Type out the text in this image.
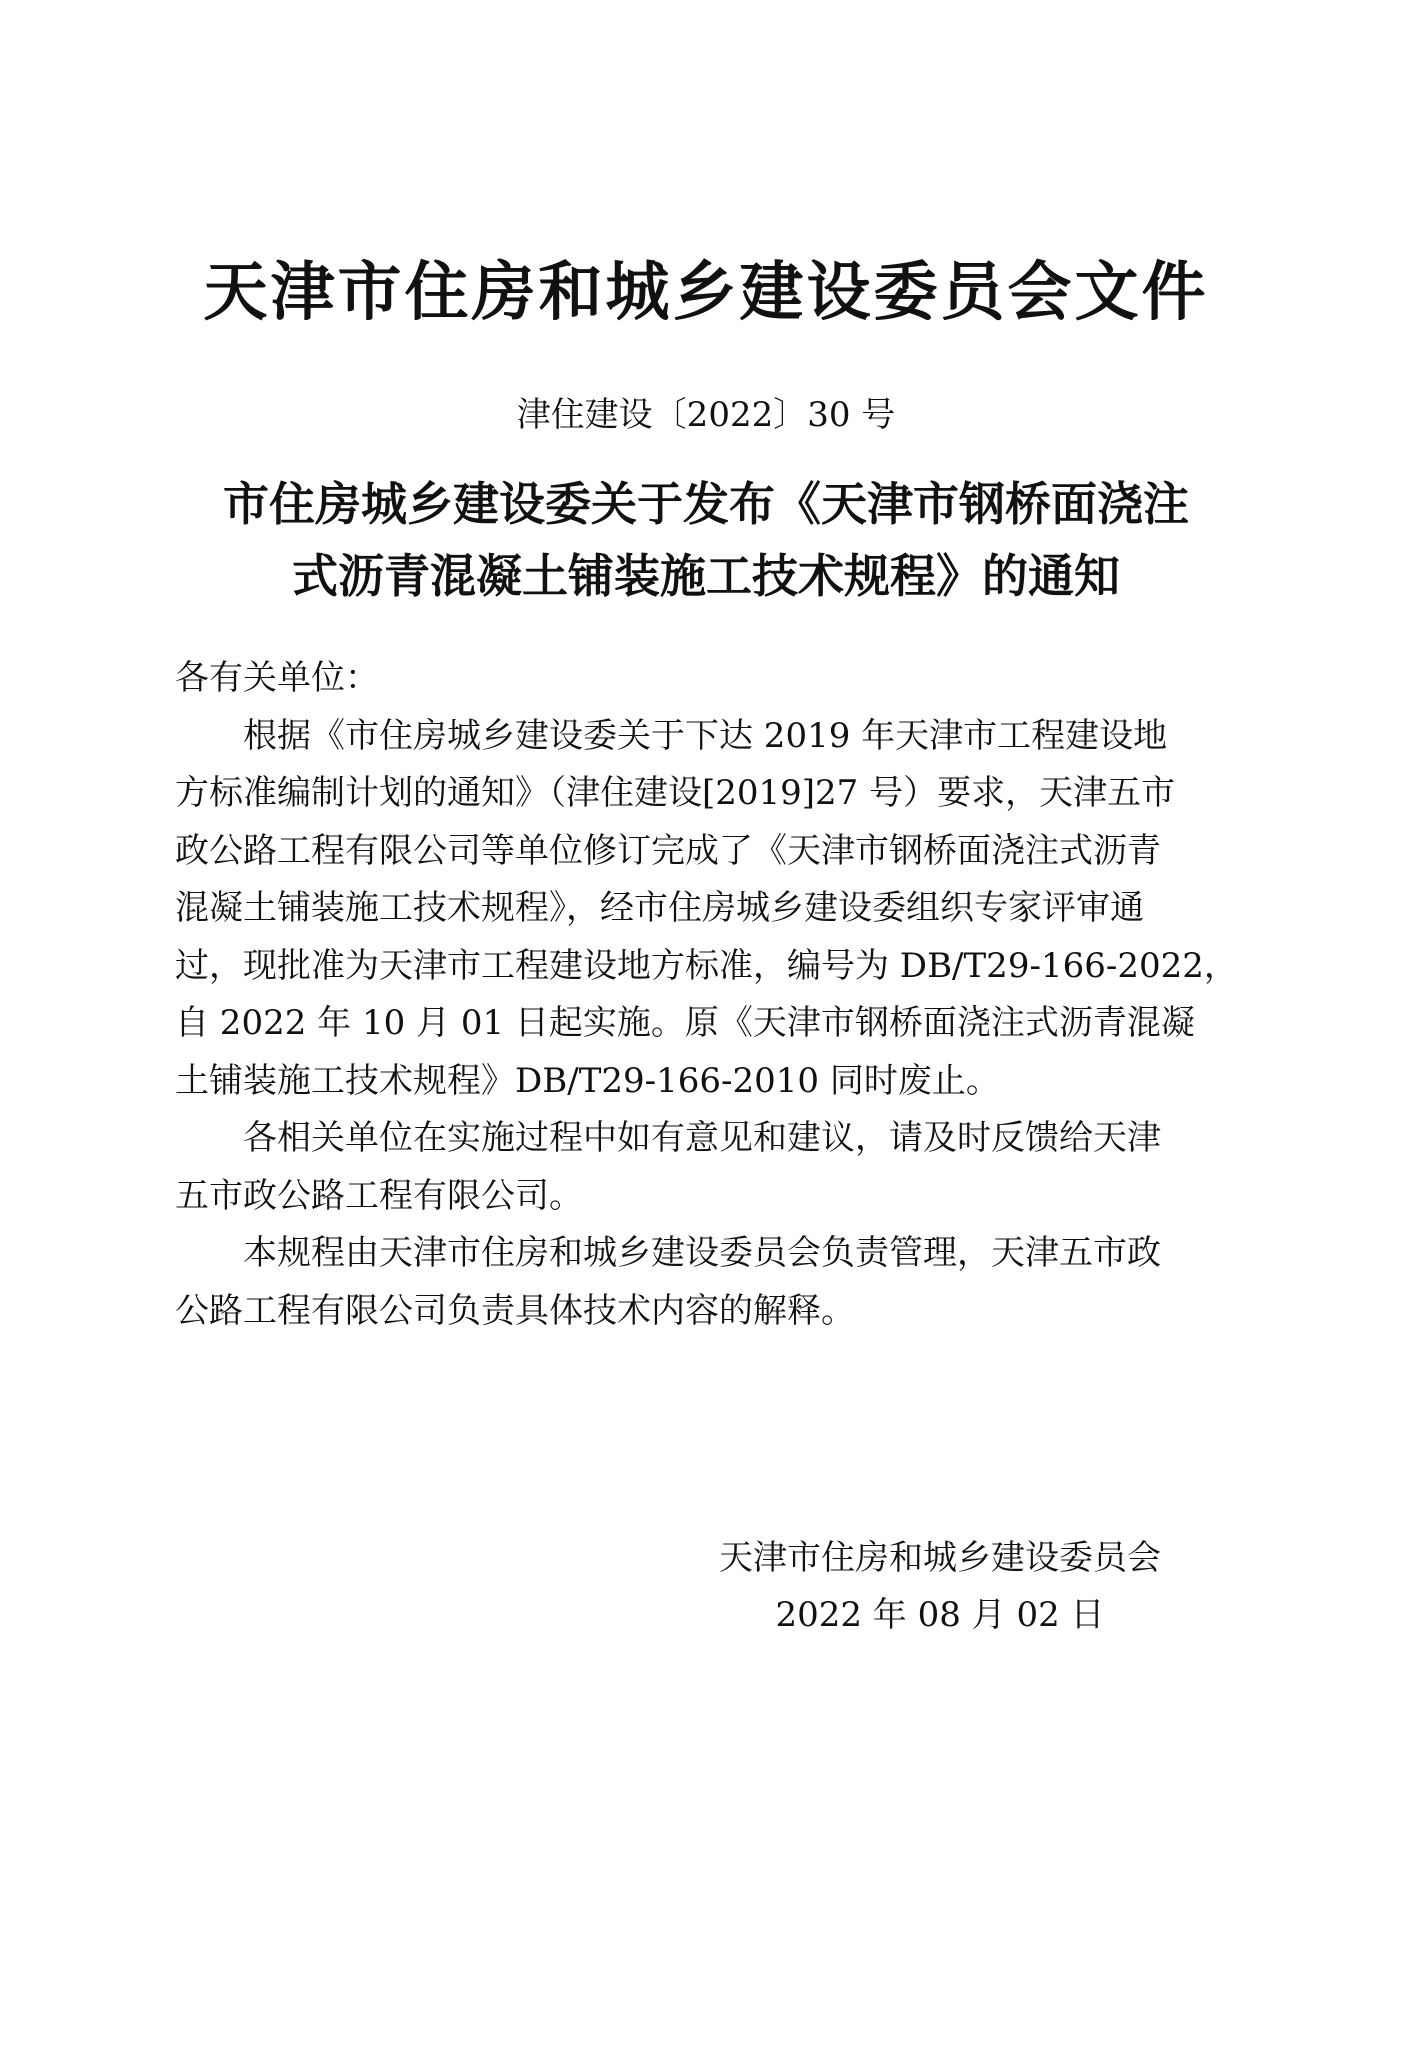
天津市住房和城乡建设委员会文件
津住建设〔2022〕30 号
市住房城乡建设委关于发布《天津市钢桥面浇注
式沥青混凝土铺装施工技术规程》的通知

各有关单位：

根据《市住房城乡建设委关于下达 2019 年天津市工程建设地
方标准编制计划的通知》（津住建设[2019]27 号）要求，天津五市
政公路工程有限公司等单位修订完成了《天津市钢桥面浇注式沥青
混凝土铺装施工技术规程》，经市住房城乡建设委组织专家评审通
过，现批准为天津市工程建设地方标准，编号为 DB/T29-166-2022，
自 2022 年 10 月 01 日起实施。原《天津市钢桥面浇注式沥青混凝
土铺装施工技术规程》DB/T29-166-2010 同时废止。
各相关单位在实施过程中如有意见和建议，请及时反馈给天津
五市政公路工程有限公司。
本规程由天津市住房和城乡建设委员会负责管理，天津五市政
公路工程有限公司负责具体技术内容的解释。
天津市住房和城乡建设委员会
2022 年 08 月 02 日
